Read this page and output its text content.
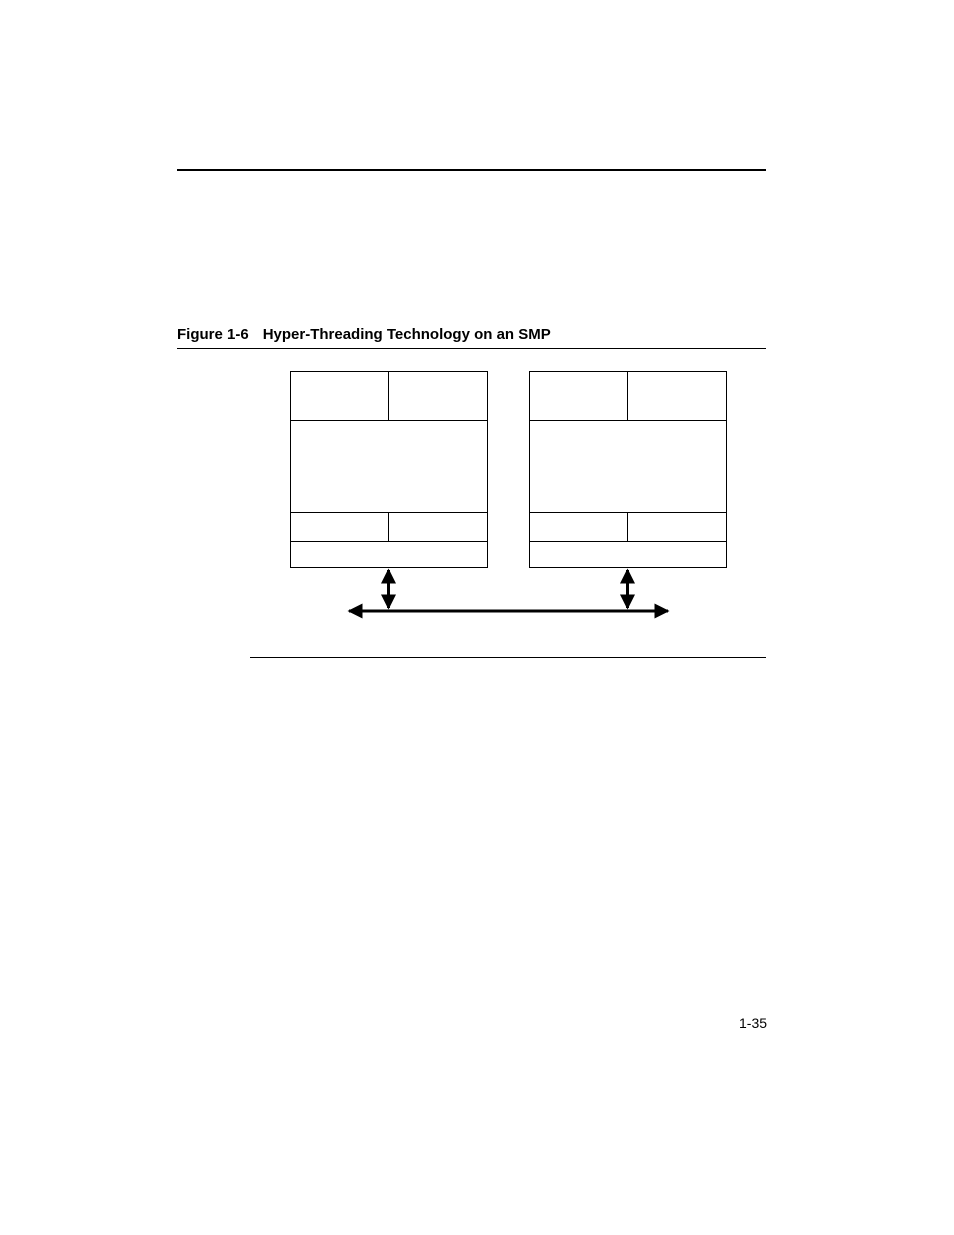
Figure 1-6 Hyper-Threading Technology on an SMP
1-35
